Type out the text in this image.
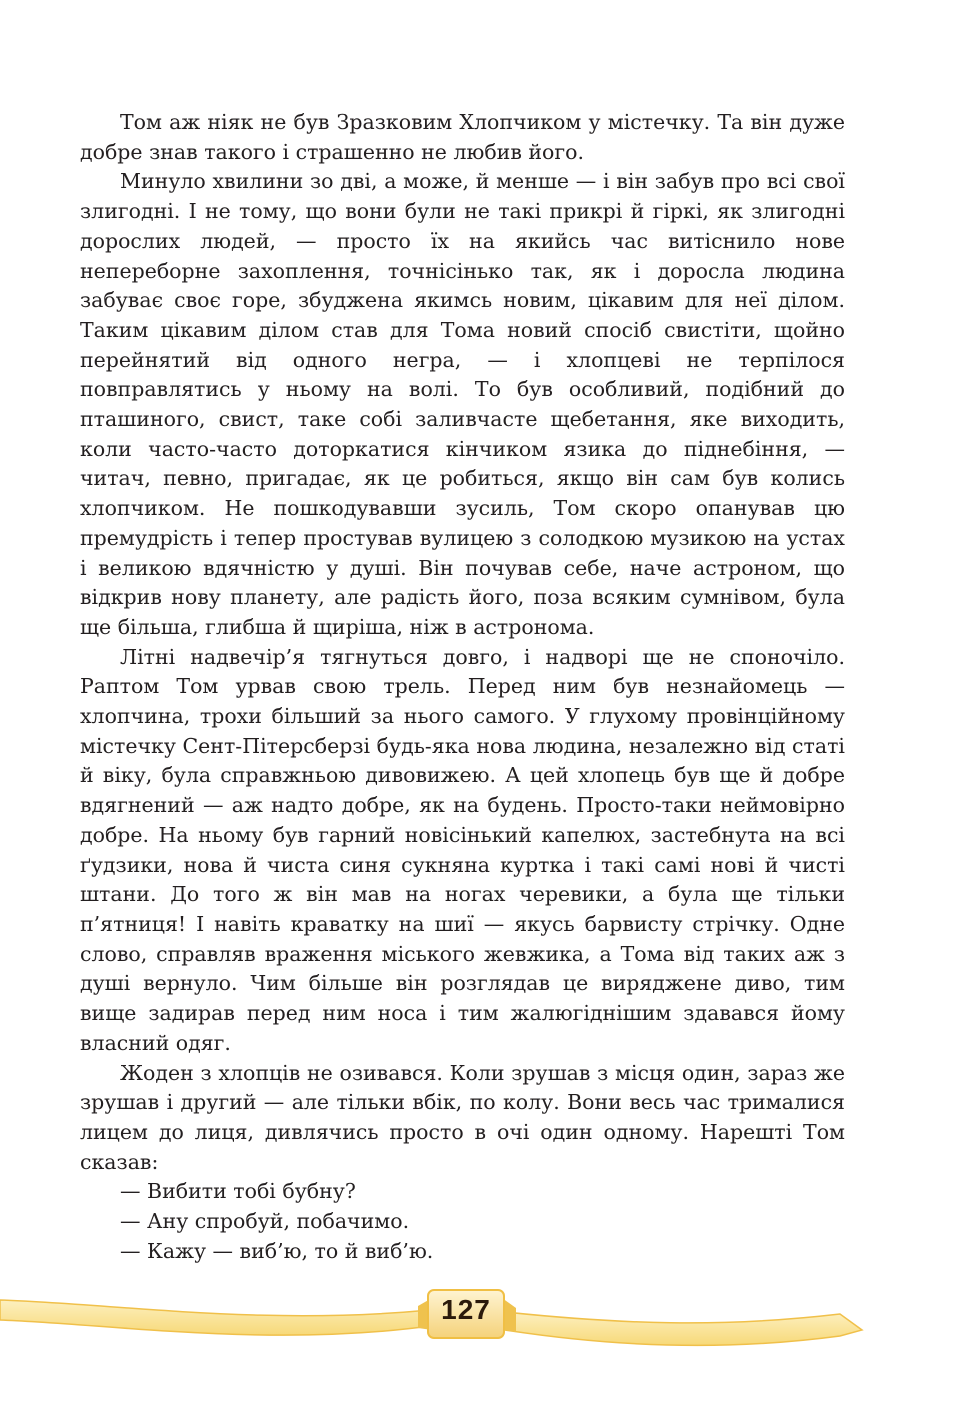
Том аж ніяк не був Зразковим Хлопчиком у містечку. Та він дуже добре знав такого і страшенно не любив його.

Минуло хвилини зо дві, а може, й менше — і він забув про всі свої злигодні. І не тому, що вони були не такі прикрі й гіркі, як злигодні дорослих людей, — просто їх на якийсь час витіснило нове непереборне захоплення, точнісінько так, як і доросла людина забуває своє горе, збуджена якимсь новим, цікавим для неї ділом. Таким цікавим ділом став для Тома новий спосіб свистіти, щойно перейнятий від одного негра, — і хлопцеві не терпілося повправлятись у ньому на волі. То був особливий, подібний до пташиного, свист, таке собі заливчасте щебетання, яке виходить, коли часто-часто доторкатися кінчиком язика до піднебіння, — читач, певно, пригадає, як це робиться, якщо він сам був колись хлопчиком. Не пошкодувавши зусиль, Том скоро опанував цю премудрість і тепер простував вулицею з солодкою музикою на устах і великою вдячністю у душі. Він почував себе, наче астроном, що відкрив нову планету, але радість його, поза всяким сумнівом, була ще більша, глибша й щиріша, ніж в астронома.

Літні надвечір’я тягнуться довго, і надворі ще не споночіло. Раптом Том урвав свою трель. Перед ним був незнайомець — хлопчина, трохи більший за нього самого. У глухому провінційному містечку Сент-Пітерсберзі будь-яка нова людина, незалежно від статі й віку, була справжньою дивовижею. А цей хлопець був ще й добре вдягнений — аж надто добре, як на будень. Просто-таки неймовірно добре. На ньому був гарний новісінький капелюх, застебнута на всі ґудзики, нова й чиста синя сукняна куртка і такі самі нові й чисті штани. До того ж він мав на ногах черевики, а була ще тільки п’ятниця! І навіть краватку на шиї — якусь барвисту стрічку. Одне слово, справляв враження міського жевжика, а Тома від таких аж з душі вернуло. Чим більше він розглядав це виряджене диво, тим вище задирав перед ним носа і тим жалюгіднішим здавався йому власний одяг.

Жоден з хлопців не озивався. Коли зрушав з місця один, зараз же зрушав і другий — але тільки вбік, по колу. Вони весь час трималися лицем до лиця, дивлячись просто в очі один одному. Нарешті Том сказав:

— Вибити тобі бубну?

— Ану спробуй, побачимо.

— Кажу — виб’ю, то й виб’ю.

127
